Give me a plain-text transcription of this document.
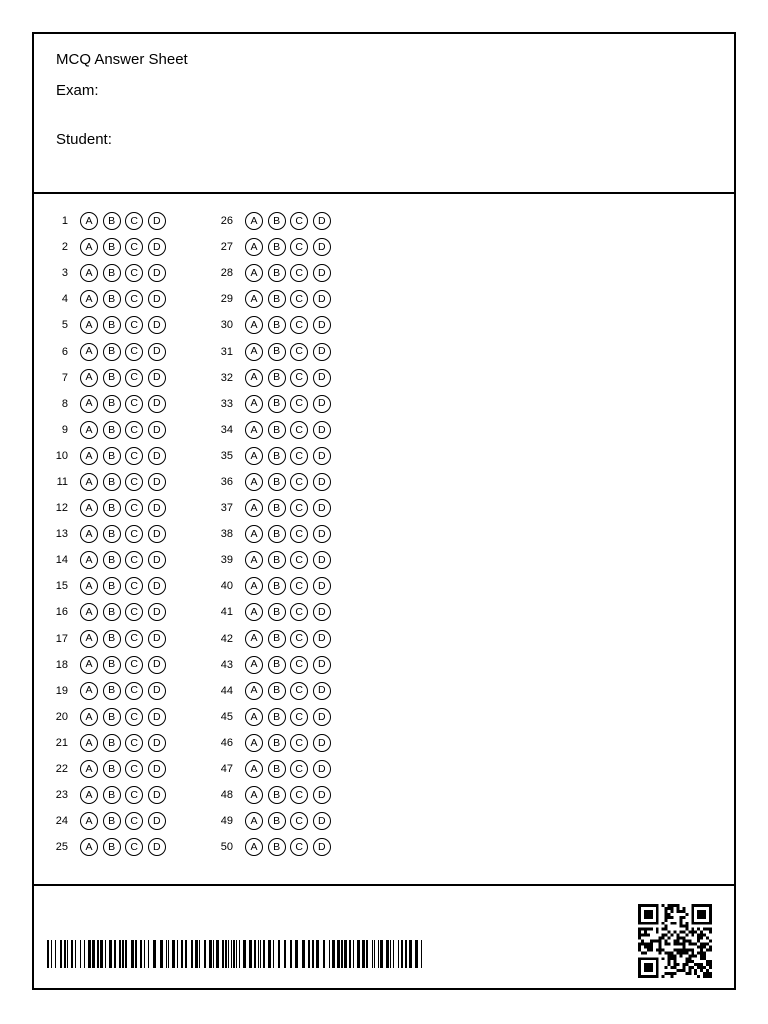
MCQ Answer Sheet
Exam:
Student:
1	A	B	C	D
2	A	B	C	D
3	A	B	C	D
4	A	B	C	D
5	A	B	C	D
6	A	B	C	D
7	A	B	C	D
8	A	B	C	D
9	A	B	C	D
10	A	B	C	D
11	A	B	C	D
12	A	B	C	D
13	A	B	C	D
14	A	B	C	D
15	A	B	C	D
16	A	B	C	D
17	A	B	C	D
18	A	B	C	D
19	A	B	C	D
20	A	B	C	D
21	A	B	C	D
22	A	B	C	D
23	A	B	C	D
24	A	B	C	D
25	A	B	C	D
26	A	B	C	D
27	A	B	C	D
28	A	B	C	D
29	A	B	C	D
30	A	B	C	D
31	A	B	C	D
32	A	B	C	D
33	A	B	C	D
34	A	B	C	D
35	A	B	C	D
36	A	B	C	D
37	A	B	C	D
38	A	B	C	D
39	A	B	C	D
40	A	B	C	D
41	A	B	C	D
42	A	B	C	D
43	A	B	C	D
44	A	B	C	D
45	A	B	C	D
46	A	B	C	D
47	A	B	C	D
48	A	B	C	D
49	A	B	C	D
50	A	B	C	D
